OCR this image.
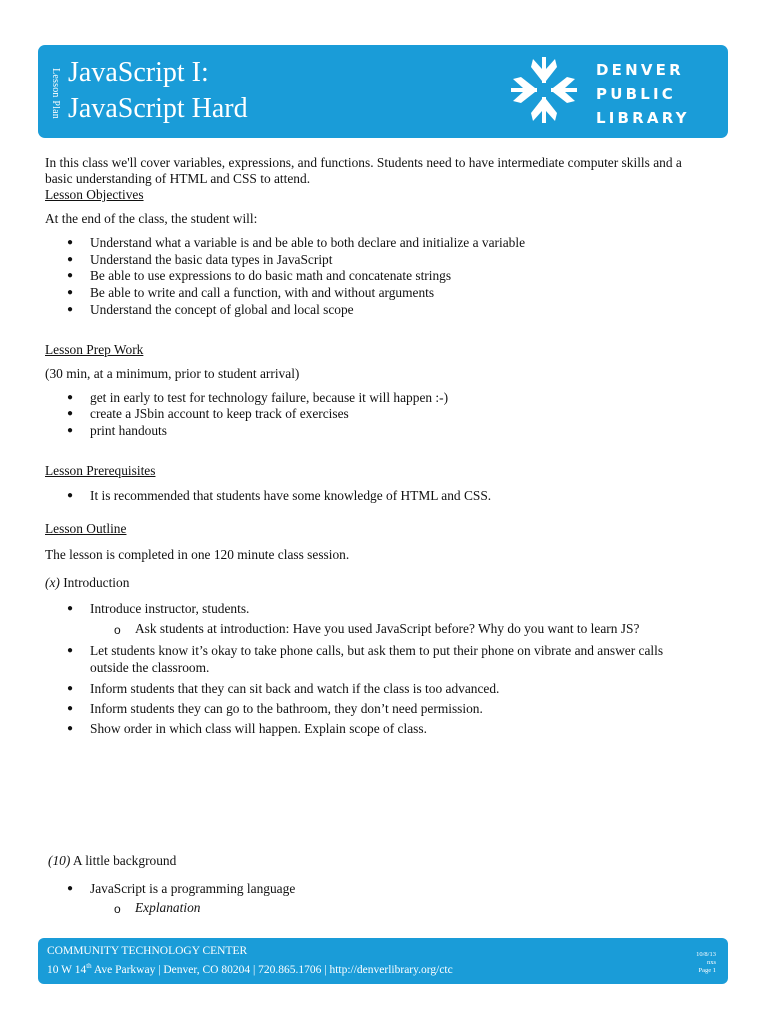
Lesson Plan JavaScript I:
JavaScript Hard
DENVER
PUBLIC
LIBRARY
In this class we'll cover variables, expressions, and functions. Students need to have intermediate computer skills and a
basic understanding of HTML and CSS to attend.
Lesson Objectives
At the end of the class, the student will:
● Understand what a variable is and be able to both declare and initialize a variable
● Understand the basic data types in JavaScript
● Be able to use expressions to do basic math and concatenate strings
● Be able to write and call a function, with and without arguments
● Understand the concept of global and local scope
Lesson Prep Work
(30 min, at a minimum, prior to student arrival)
● get in early to test for technology failure, because it will happen :-)
● create a JSbin account to keep track of exercises
● print handouts
Lesson Prerequisites
● It is recommended that students have some knowledge of HTML and CSS.
Lesson Outline
The lesson is completed in one 120 minute class session.
(x) Introduction
● Introduce instructor, students.
o Ask students at introduction: Have you used JavaScript before? Why do you want to learn JS?
● Let students know it’s okay to take phone calls, but ask them to put their phone on vibrate and answer calls
outside the classroom.
● Inform students that they can sit back and watch if the class is too advanced.
● Inform students they can go to the bathroom, they don’t need permission.
● Show order in which class will happen. Explain scope of class.
(10) A little background
● JavaScript is a programming language
o Explanation
COMMUNITY TECHNOLOGY CENTER
10 W 14th Ave Parkway | Denver, CO 80204 | 720.865.1706 | http://denverlibrary.org/ctc
10/8/13
nxs
Page 1
